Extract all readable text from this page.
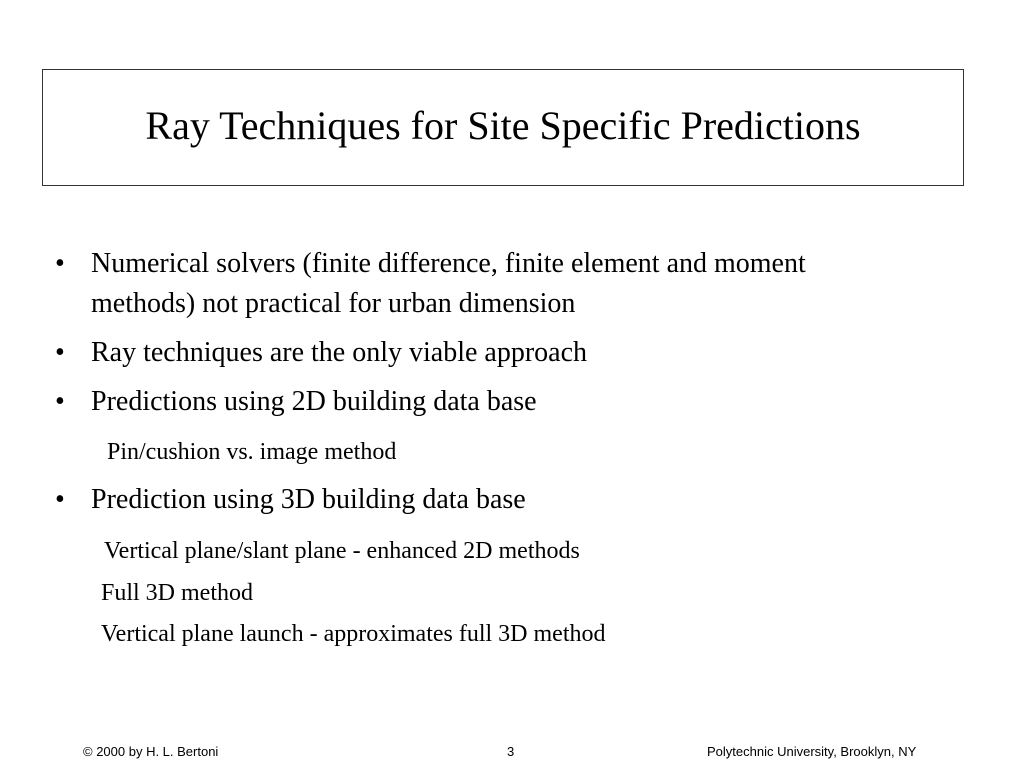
Ray Techniques for Site Specific Predictions
• Numerical solvers (finite difference, finite element and moment
methods) not practical for urban dimension
• Ray techniques are the only viable approach
• Predictions using 2D building data base
Pin/cushion vs. image method
• Prediction using 3D building data base
Vertical plane/slant plane - enhanced 2D methods
Full 3D method
Vertical plane launch - approximates full 3D method
© 2000 by H. L. Bertoni	3	Polytechnic University, Brooklyn, NY
